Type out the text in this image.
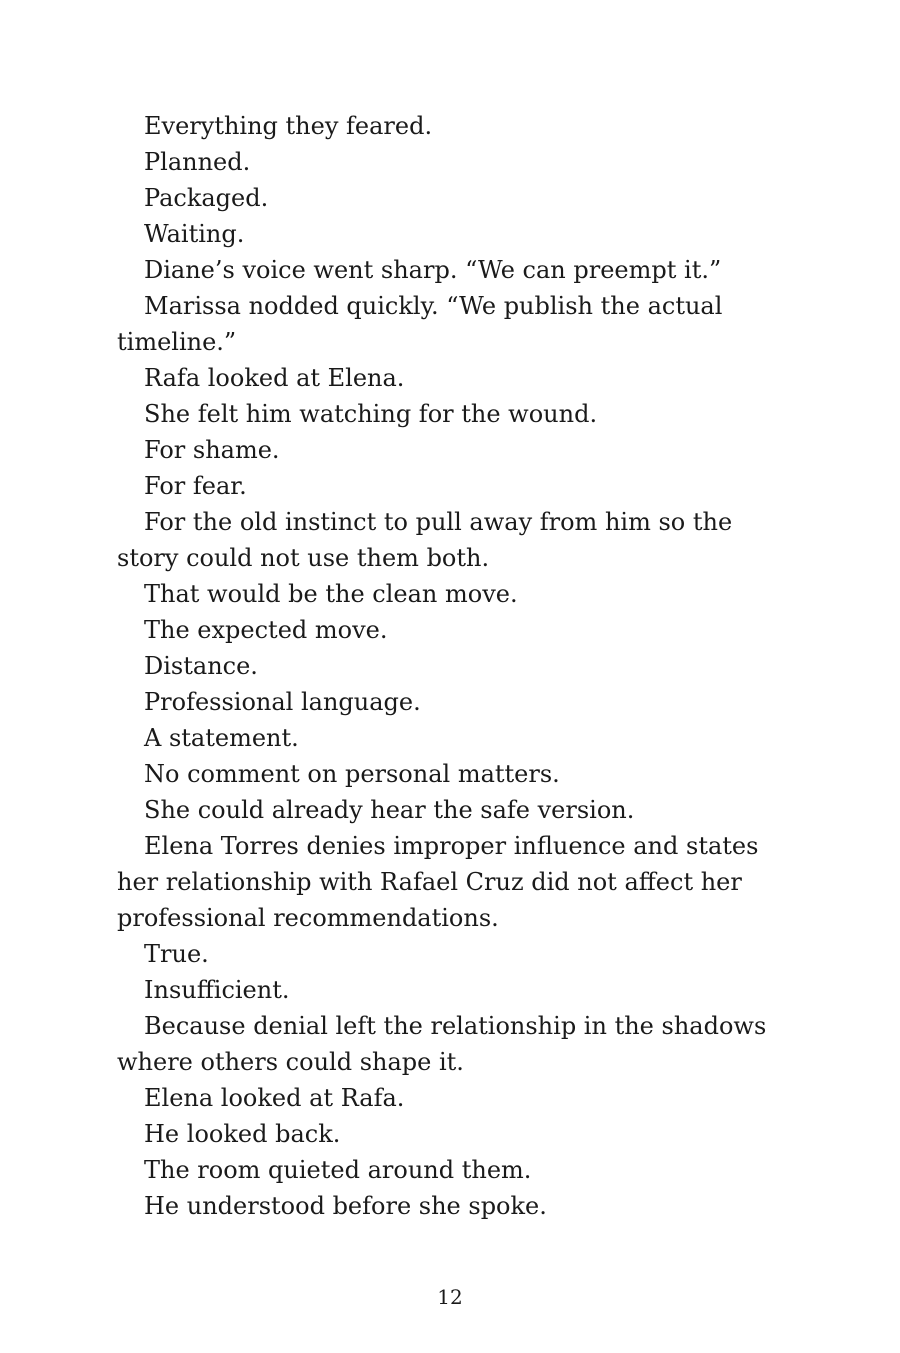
Everything they feared.

Planned.

Packaged.

Waiting.

Diane’s voice went sharp. “We can preempt it.”

Marissa nodded quickly. “We publish the actual timeline.”

Rafa looked at Elena.

She felt him watching for the wound.

For shame.

For fear.

For the old instinct to pull away from him so the story could not use them both.

That would be the clean move.

The expected move.

Distance.

Professional language.

A statement.

No comment on personal matters.

She could already hear the safe version.

Elena Torres denies improper influence and states her relationship with Rafael Cruz did not affect her professional recommendations.

True.

Insufficient.

Because denial left the relationship in the shadows where others could shape it.

Elena looked at Rafa.

He looked back.

The room quieted around them.

He understood before she spoke.

12
